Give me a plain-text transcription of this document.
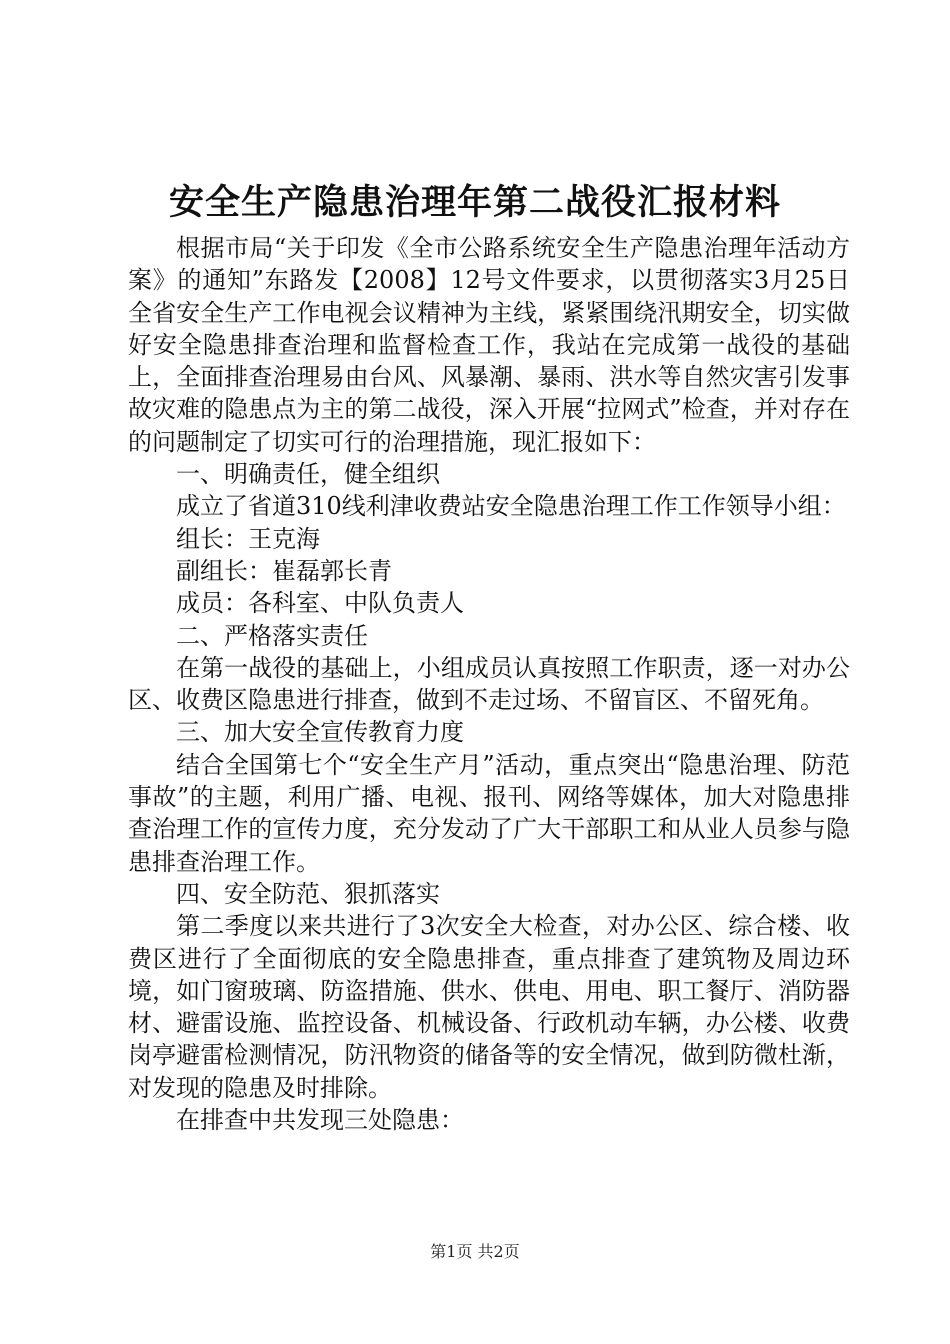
安全生产隐患治理年第二战役汇报材料

根据市局“关于印发《全市公路系统安全生产隐患治理年活动方案》的通知”东路发【2008】12号文件要求，以贯彻落实3月25日全省安全生产工作电视会议精神为主线，紧紧围绕汛期安全，切实做好安全隐患排查治理和监督检查工作，我站在完成第一战役的基础上，全面排查治理易由台风、风暴潮、暴雨、洪水等自然灾害引发事故灾难的隐患点为主的第二战役，深入开展“拉网式”检查，并对存在的问题制定了切实可行的治理措施，现汇报如下：

一、明确责任，健全组织

成立了省道310线利津收费站安全隐患治理工作工作领导小组：

组长：王克海

副组长：崔磊郭长青

成员：各科室、中队负责人

二、严格落实责任

在第一战役的基础上，小组成员认真按照工作职责，逐一对办公区、收费区隐患进行排查，做到不走过场、不留盲区、不留死角。

三、加大安全宣传教育力度

结合全国第七个“安全生产月”活动，重点突出“隐患治理、防范事故”的主题，利用广播、电视、报刊、网络等媒体，加大对隐患排查治理工作的宣传力度，充分发动了广大干部职工和从业人员参与隐患排查治理工作。

四、安全防范、狠抓落实

第二季度以来共进行了3次安全大检查，对办公区、综合楼、收费区进行了全面彻底的安全隐患排查，重点排查了建筑物及周边环境，如门窗玻璃、防盗措施、供水、供电、用电、职工餐厅、消防器材、避雷设施、监控设备、机械设备、行政机动车辆，办公楼、收费岗亭避雷检测情况，防汛物资的储备等的安全情况，做到防微杜渐，对发现的隐患及时排除。

在排查中共发现三处隐患：

第1页 共2页
